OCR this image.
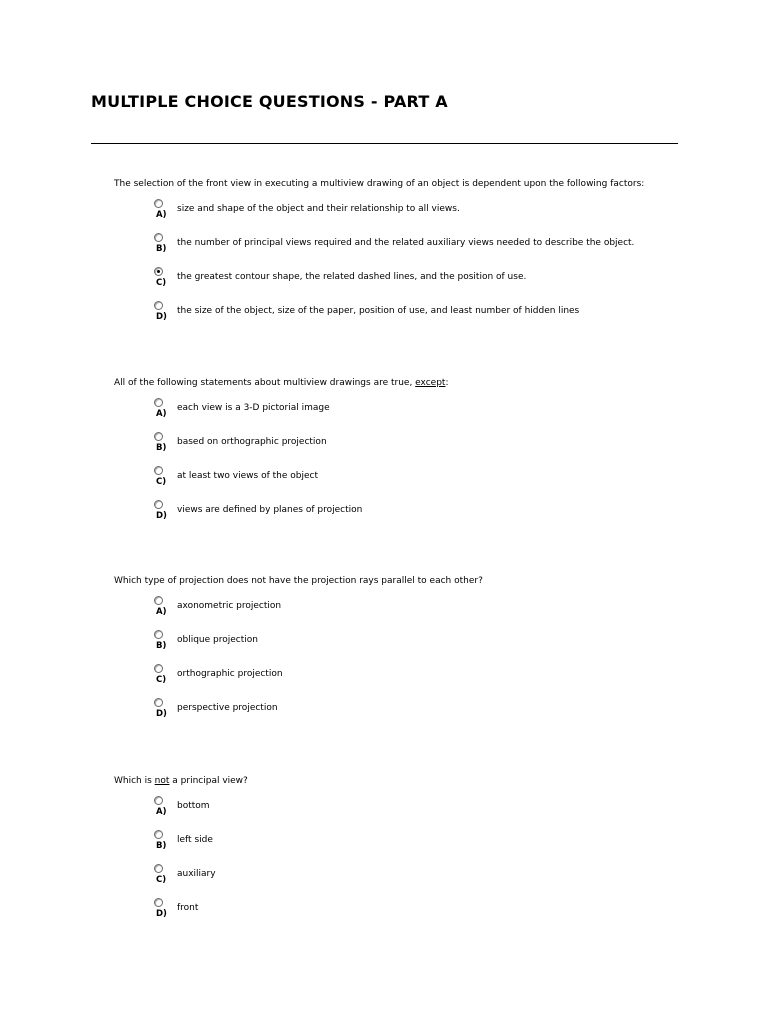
MULTIPLE CHOICE QUESTIONS - PART A
The selection of the front view in executing a multiview drawing of an object is dependent upon the following factors:
A)
size and shape of the object and their relationship to all views.
B)
the number of principal views required and the related auxiliary views needed to describe the object.
C)
the greatest contour shape, the related dashed lines, and the position of use.
D)
the size of the object, size of the paper, position of use, and least number of hidden lines
All of the following statements about multiview drawings are true, except:
A)
each view is a 3-D pictorial image
B)
based on orthographic projection
C)
at least two views of the object
D)
views are defined by planes of projection
Which type of projection does not have the projection rays parallel to each other?
A)
axonometric projection
B)
oblique projection
C)
orthographic projection
D)
perspective projection
Which is not a principal view?
A)
bottom
B)
left side
C)
auxiliary
D)
front
